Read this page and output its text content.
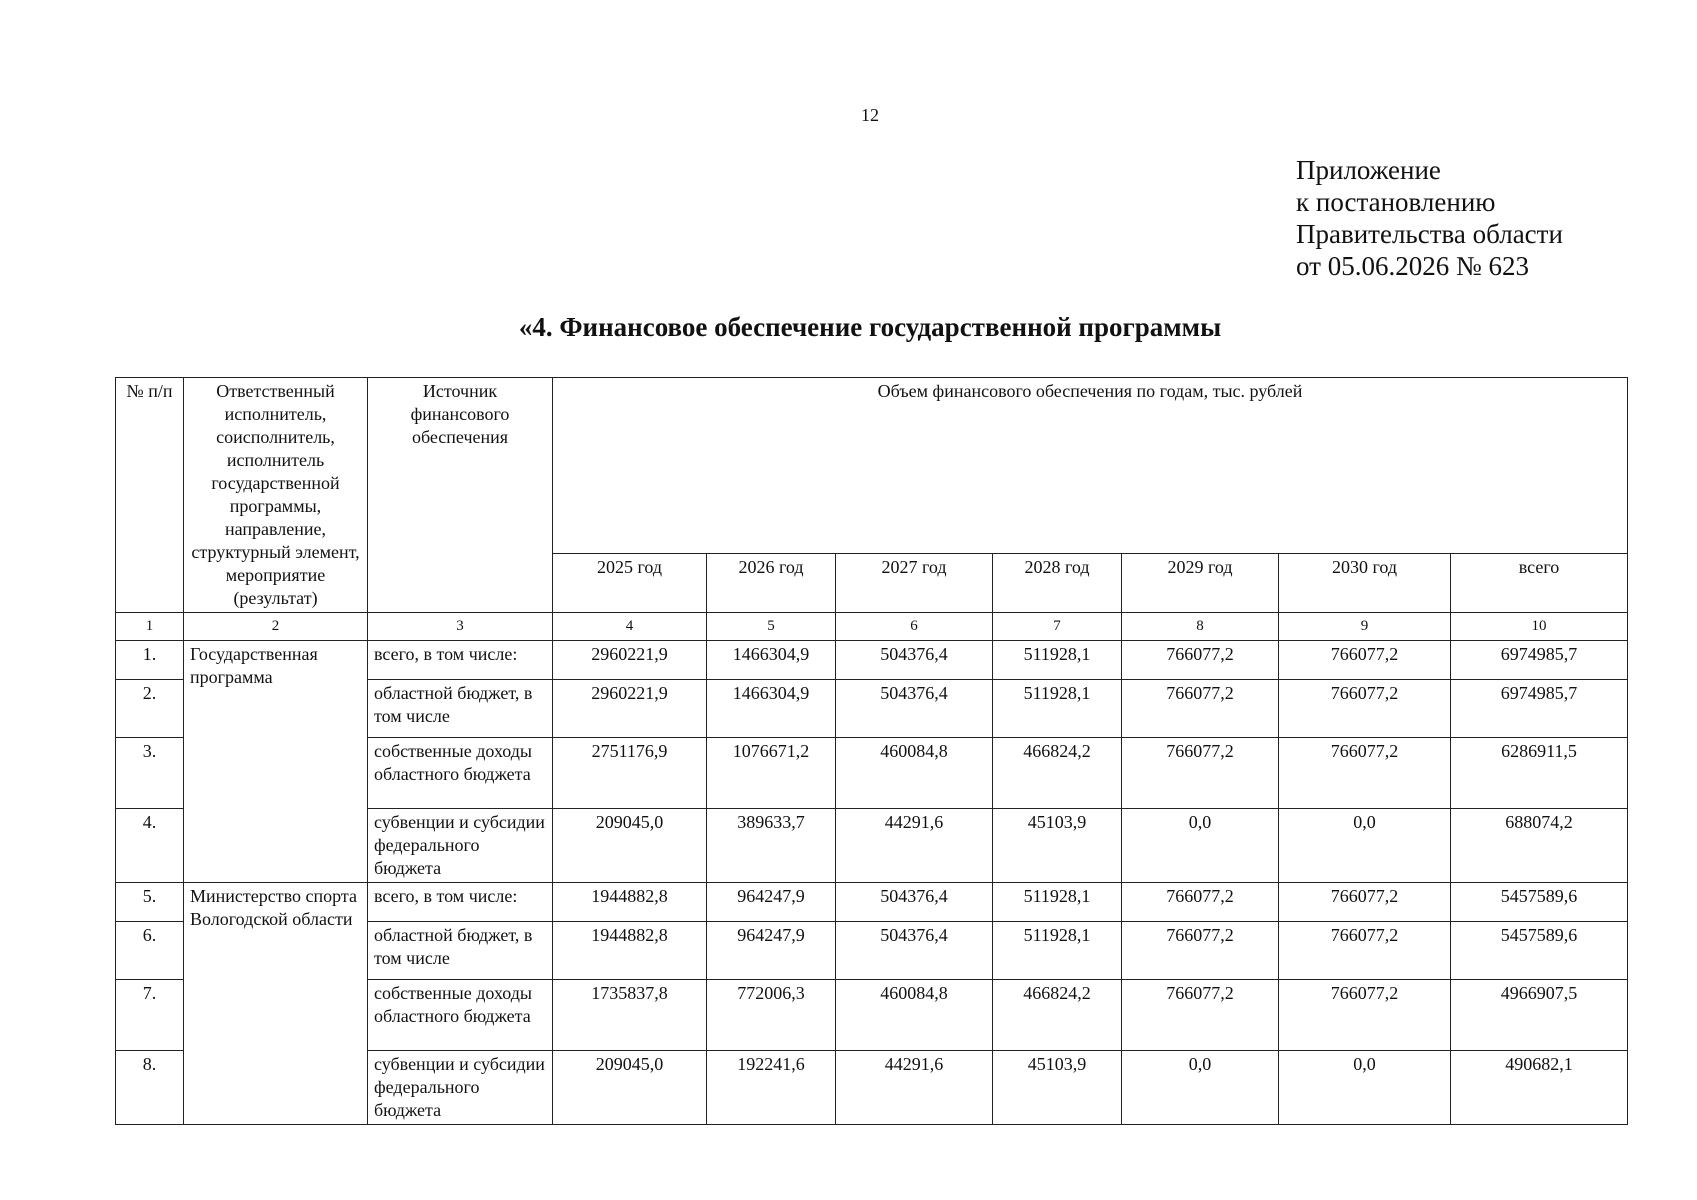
12
Приложение
к постановлению
Правительства области
от 05.06.2026 № 623
«4. Финансовое обеспечение государственной программы
№ п/п	Ответственный исполнитель, соисполнитель, исполнитель государственной программы, направление, структурный элемент, мероприятие (результат)	Источник финансового обеспечения	Объем финансового обеспечения по годам, тыс. рублей						
			2025 год	2026 год	2027 год	2028 год	2029 год	2030 год	всего
1	2	3	4	5	6	7	8	9	10
1.	Государственная программа	всего, в том числе:	2960221,9	1466304,9	504376,4	511928,1	766077,2	766077,2	6974985,7
2.		областной бюджет, в том числе	2960221,9	1466304,9	504376,4	511928,1	766077,2	766077,2	6974985,7
3.		собственные доходы областного бюджета	2751176,9	1076671,2	460084,8	466824,2	766077,2	766077,2	6286911,5
4.		субвенции и субсидии федерального бюджета	209045,0	389633,7	44291,6	45103,9	0,0	0,0	688074,2
5.	Министерство спорта Вологодской области	всего, в том числе:	1944882,8	964247,9	504376,4	511928,1	766077,2	766077,2	5457589,6
6.		областной бюджет, в том числе	1944882,8	964247,9	504376,4	511928,1	766077,2	766077,2	5457589,6
7.		собственные доходы областного бюджета	1735837,8	772006,3	460084,8	466824,2	766077,2	766077,2	4966907,5
8.		субвенции и субсидии федерального бюджета	209045,0	192241,6	44291,6	45103,9	0,0	0,0	490682,1
